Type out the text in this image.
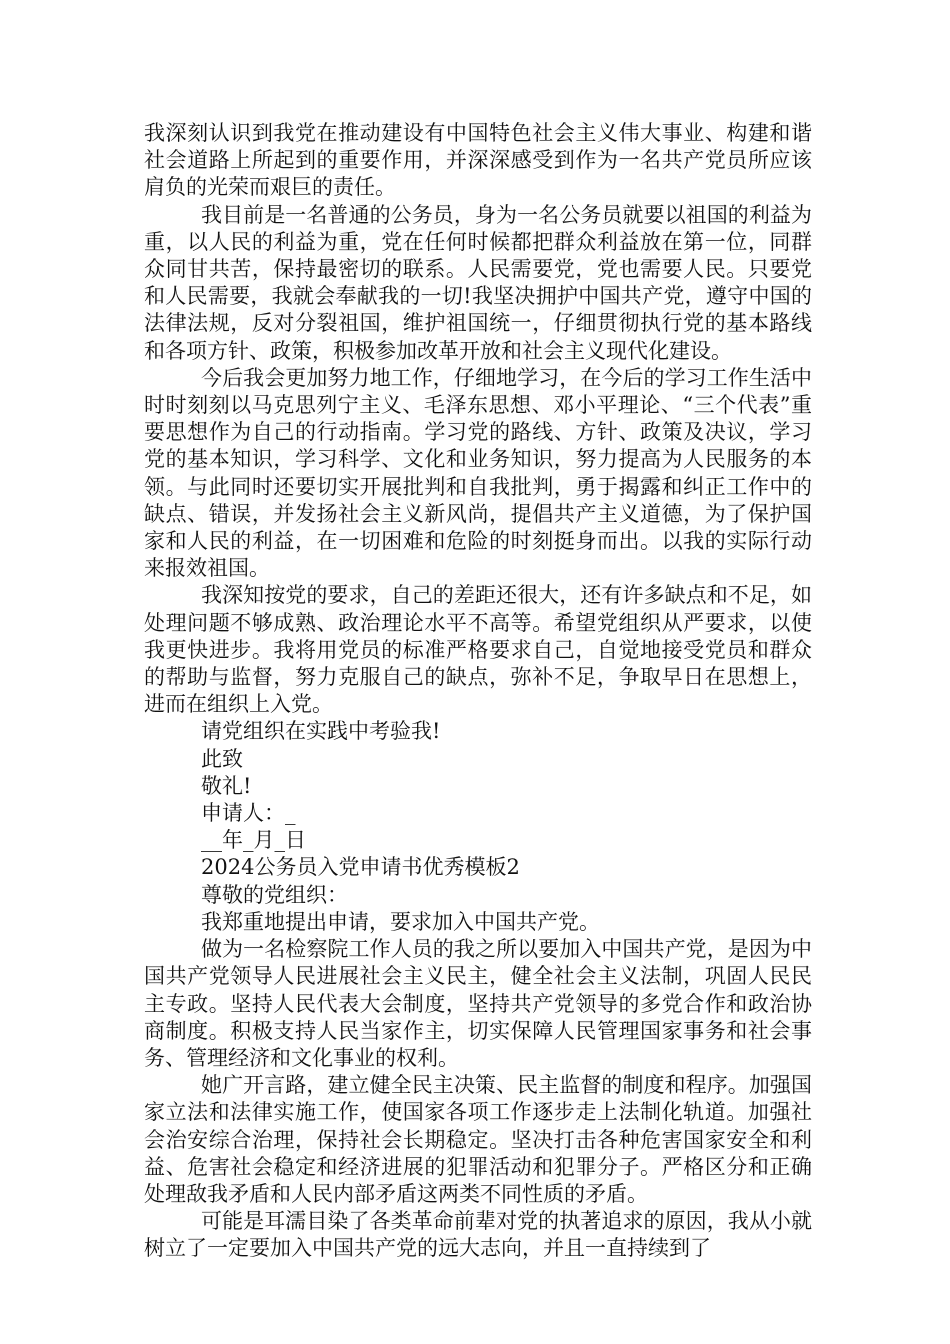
我深刻认识到我党在推动建设有中国特色社会主义伟大事业、构建和谐社会道路上所起到的重要作用，并深深感受到作为一名共产党员所应该肩负的光荣而艰巨的责任。

我目前是一名普通的公务员，身为一名公务员就要以祖国的利益为重，以人民的利益为重，党在任何时候都把群众利益放在第一位，同群众同甘共苦，保持最密切的联系。人民需要党，党也需要人民。只要党和人民需要，我就会奉献我的一切!我坚决拥护中国共产党，遵守中国的法律法规，反对分裂祖国，维护祖国统一，仔细贯彻执行党的基本路线和各项方针、政策，积极参加改革开放和社会主义现代化建设。

今后我会更加努力地工作，仔细地学习，在今后的学习工作生活中时时刻刻以马克思列宁主义、毛泽东思想、邓小平理论、“三个代表”重要思想作为自己的行动指南。学习党的路线、方针、政策及决议，学习党的基本知识，学习科学、文化和业务知识，努力提高为人民服务的本领。与此同时还要切实开展批判和自我批判，勇于揭露和纠正工作中的缺点、错误，并发扬社会主义新风尚，提倡共产主义道德，为了保护国家和人民的利益，在一切困难和危险的时刻挺身而出。以我的实际行动来报效祖国。

我深知按党的要求，自己的差距还很大，还有许多缺点和不足，如处理问题不够成熟、政治理论水平不高等。希望党组织从严要求，以使我更快进步。我将用党员的标准严格要求自己，自觉地接受党员和群众的帮助与监督，努力克服自己的缺点，弥补不足，争取早日在思想上，进而在组织上入党。

请党组织在实践中考验我!

此致

敬礼!

申请人：_

__年_月_日

2024公务员入党申请书优秀模板2

尊敬的党组织：

我郑重地提出申请，要求加入中国共产党。

做为一名检察院工作人员的我之所以要加入中国共产党，是因为中国共产党领导人民进展社会主义民主，健全社会主义法制，巩固人民民主专政。坚持人民代表大会制度，坚持共产党领导的多党合作和政治协商制度。积极支持人民当家作主，切实保障人民管理国家事务和社会事务、管理经济和文化事业的权利。

她广开言路，建立健全民主决策、民主监督的制度和程序。加强国家立法和法律实施工作，使国家各项工作逐步走上法制化轨道。加强社会治安综合治理，保持社会长期稳定。坚决打击各种危害国家安全和利益、危害社会稳定和经济进展的犯罪活动和犯罪分子。严格区分和正确处理敌我矛盾和人民内部矛盾这两类不同性质的矛盾。

可能是耳濡目染了各类革命前辈对党的执著追求的原因，我从小就树立了一定要加入中国共产党的远大志向，并且一直持续到了
